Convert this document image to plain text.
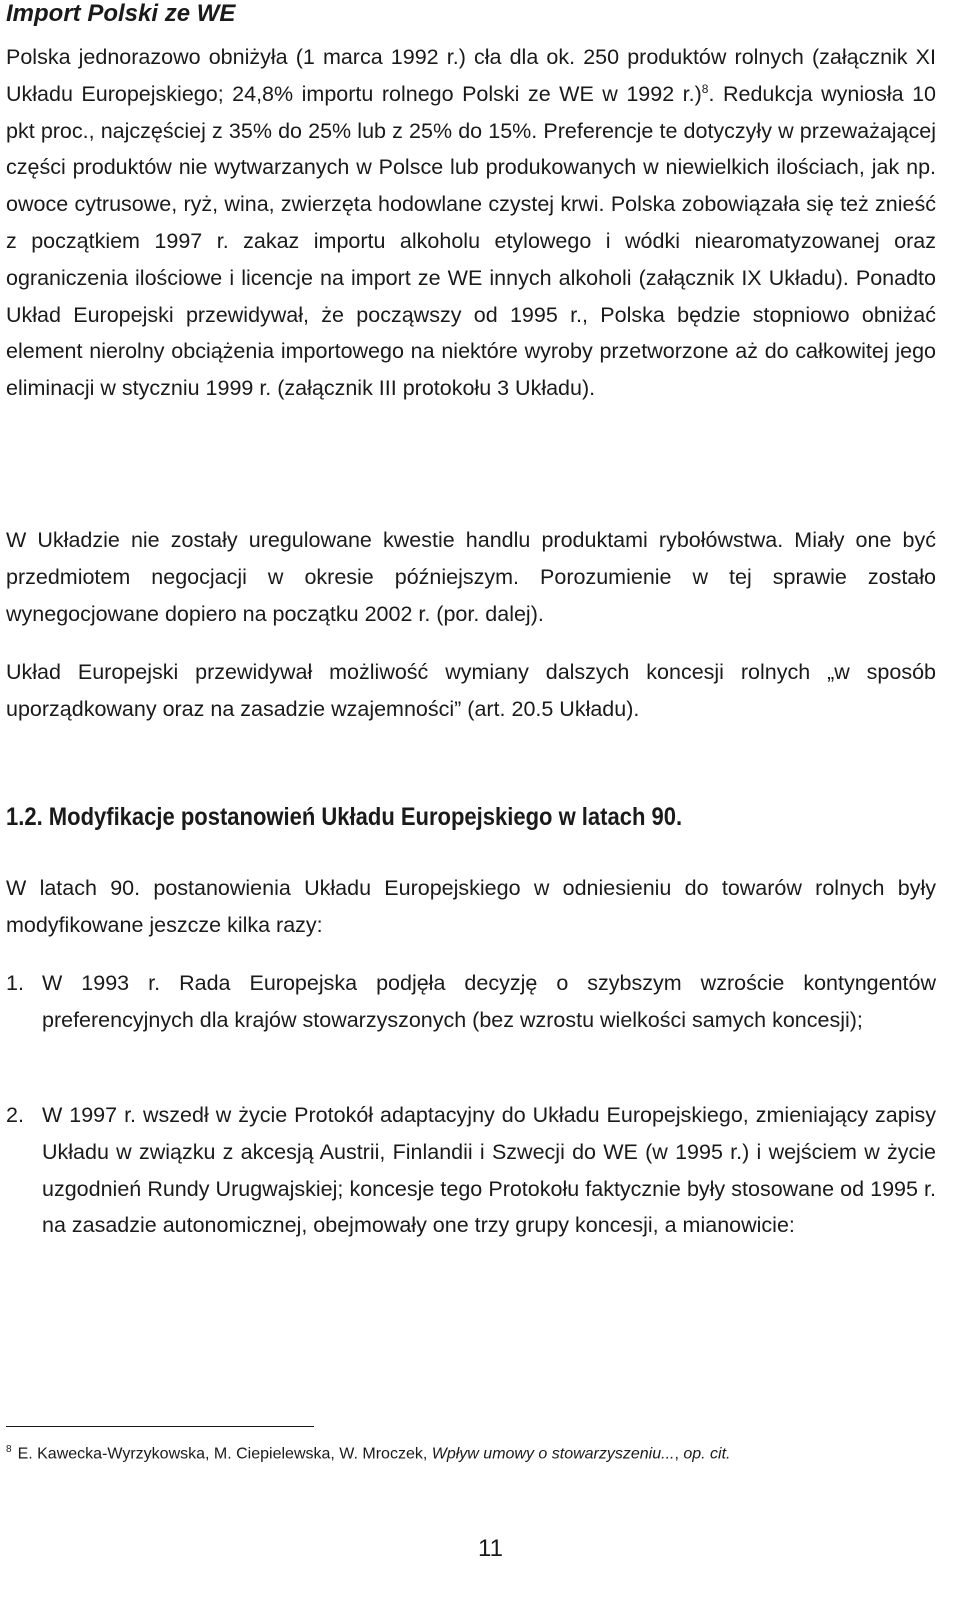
Import Polski ze WE

Polska jednorazowo obniżyła (1 marca 1992 r.) cła dla ok. 250 produktów rolnych (załącznik XI Układu Europejskiego; 24,8% importu rolnego Polski ze WE w 1992 r.)$^8$. Redukcja wyniosła 10 pkt proc., najczęściej z 35% do 25% lub z 25% do 15%. Preferencje te dotyczyły w przeważającej części produktów nie wytwarzanych w Polsce lub produkowanych w niewielkich ilościach, jak np. owoce cytrusowe, ryż, wina, zwierzęta hodowlane czystej krwi. Polska zobowiązała się też znieść z początkiem 1997 r. zakaz importu alkoholu etylowego i wódki niearomatyzowanej oraz ograniczenia ilościowe i licencje na import ze WE innych alkoholi (załącznik IX Układu). Ponadto Układ Europejski przewidywał, że począwszy od 1995 r., Polska będzie stopniowo obniżać element nierolny obciążenia importowego na niektóre wyroby przetworzone aż do całkowitej jego eliminacji w styczniu 1999 r. (załącznik III protokołu 3 Układu).

W Układzie nie zostały uregulowane kwestie handlu produktami rybołówstwa. Miały one być przedmiotem negocjacji w okresie późniejszym. Porozumienie w tej sprawie zostało wynegocjowane dopiero na początku 2002 r. (por. dalej).

Układ Europejski przewidywał możliwość wymiany dalszych koncesji rolnych „w sposób uporządkowany oraz na zasadzie wzajemności” (art. 20.5 Układu).

1.2. Modyfikacje postanowień Układu Europejskiego w latach 90.

W latach 90. postanowienia Układu Europejskiego w odniesieniu do towarów rolnych były modyfikowane jeszcze kilka razy:

1. W 1993 r. Rada Europejska podjęła decyzję o szybszym wzroście kontyngentów preferencyjnych dla krajów stowarzyszonych (bez wzrostu wielkości samych koncesji);
2. W 1997 r. wszedł w życie Protokół adaptacyjny do Układu Europejskiego, zmieniający zapisy Układu w związku z akcesją Austrii, Finlandii i Szwecji do WE (w 1995 r.) i wejściem w życie uzgodnień Rundy Urugwajskiej; koncesje tego Protokołu faktycznie były stosowane od 1995 r. na zasadzie autonomicznej, obejmowały one trzy grupy koncesji, a mianowicie:
$^8$ E. Kawecka-Wyrzykowska, M. Ciepielewska, W. Mroczek, Wpływ umowy o stowarzyszeniu..., op. cit.
11
